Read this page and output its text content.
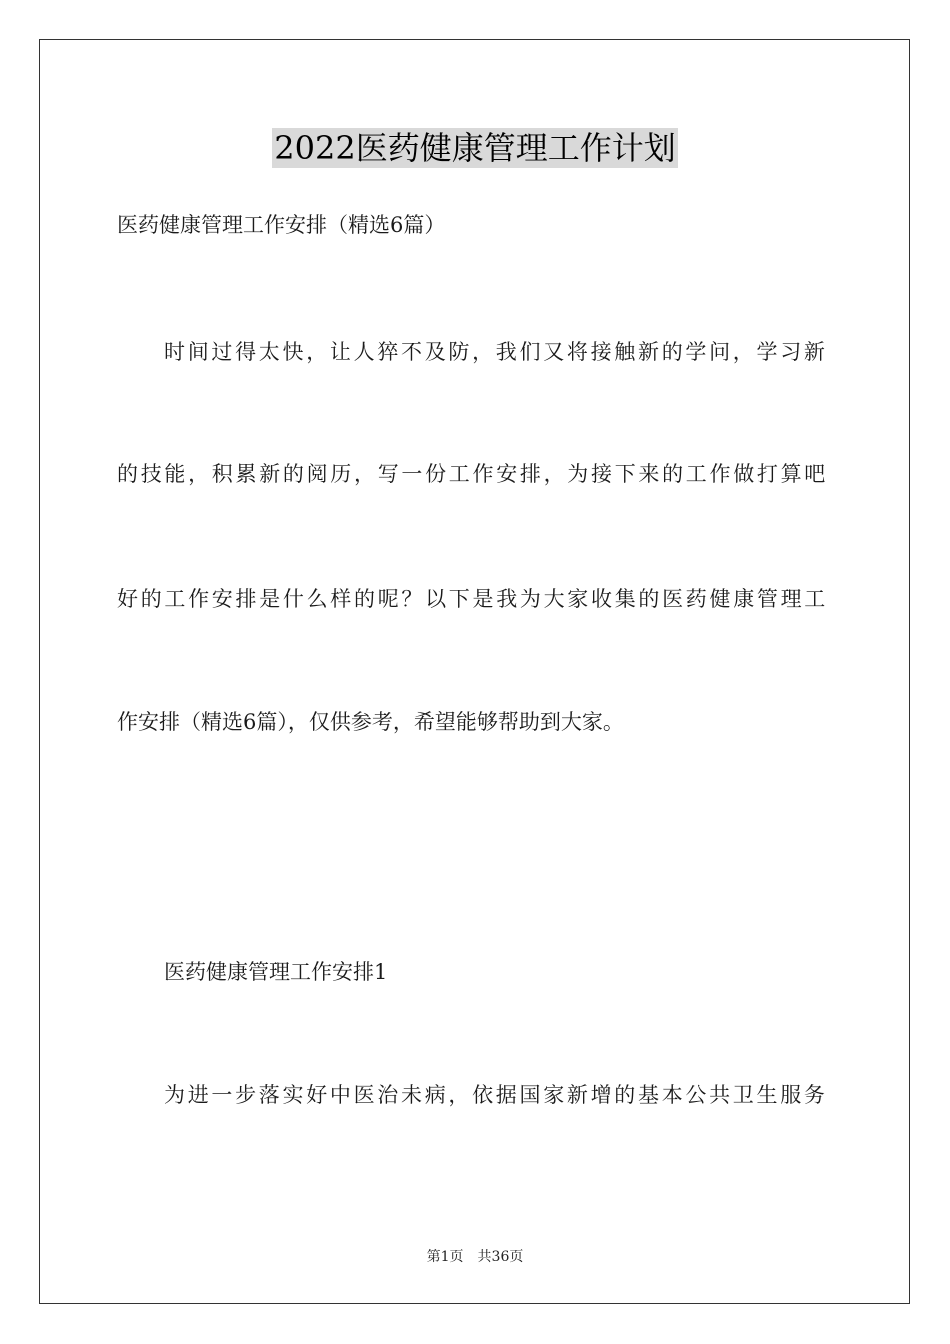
2022医药健康管理工作计划
医药健康管理工作安排（精选6篇）
时间过得太快，让人猝不及防，我们又将接触新的学问，学习新
的技能，积累新的阅历，写一份工作安排，为接下来的工作做打算吧
好的工作安排是什么样的呢？以下是我为大家收集的医药健康管理工
作安排（精选6篇），仅供参考，希望能够帮助到大家。
医药健康管理工作安排1
为进一步落实好中医治未病，依据国家新增的基本公共卫生服务
第1页　共36页
